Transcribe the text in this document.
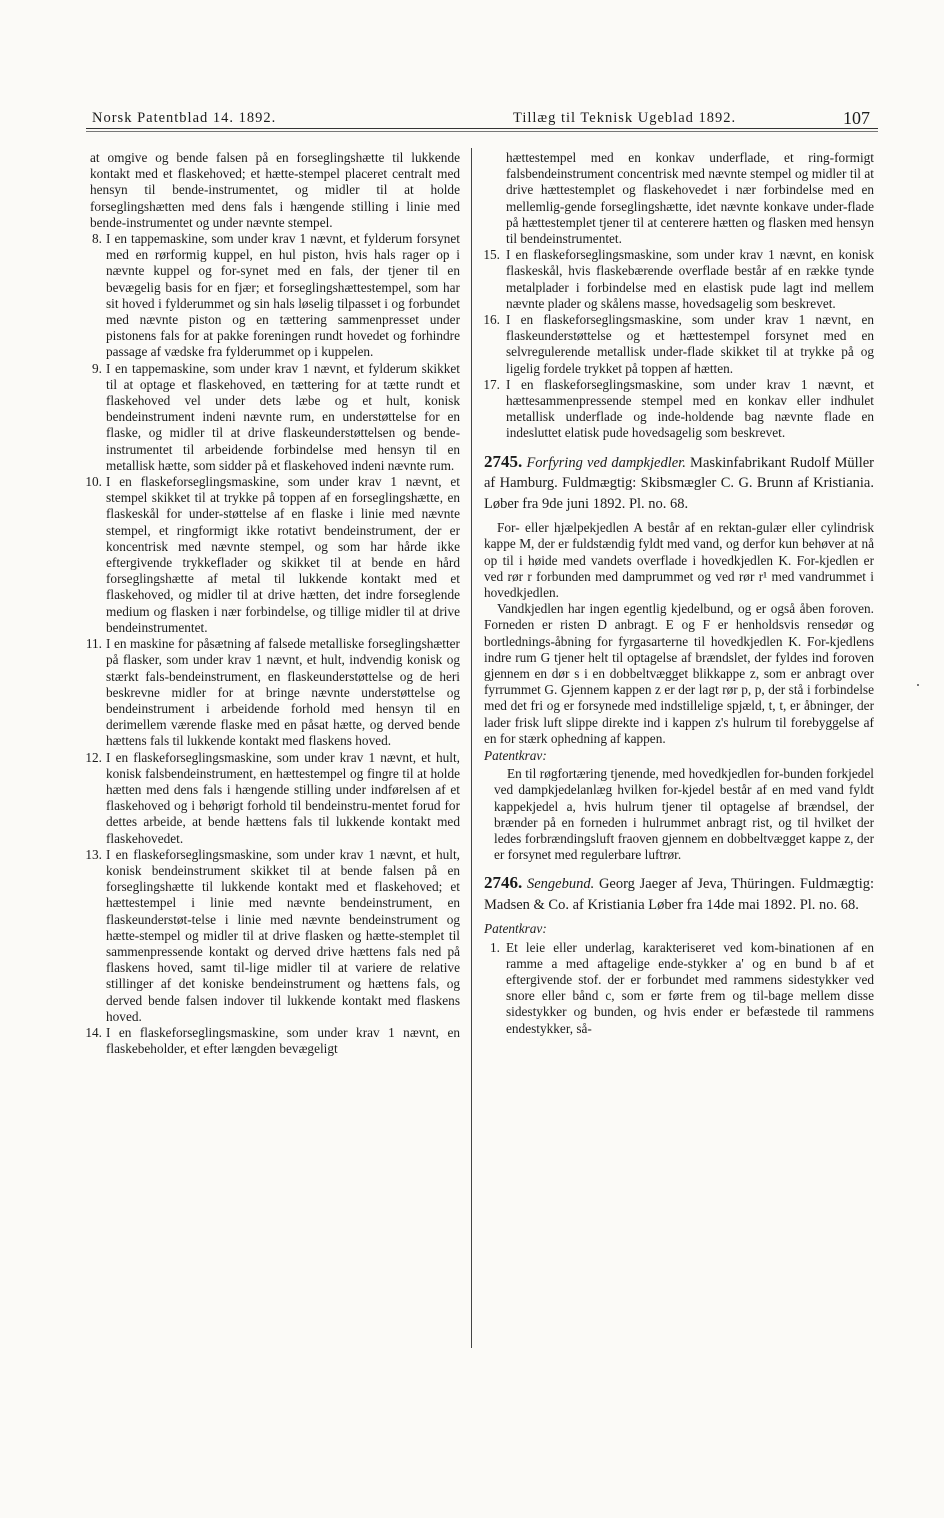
Norsk Patentblad 14. 1892.	Tillæg til Teknisk Ugeblad 1892.	107

at omgive og bende falsen på en forseglingshætte til lukkende kontakt med et flaskehoved; et hætte-stempel placeret centralt med hensyn til bende-instrumentet, og midler til at holde forseglingshætten med dens fals i hængende stilling i linie med bende-instrumentet og under nævnte stempel.

8. I en tappemaskine, som under krav 1 nævnt, et fylderum forsynet med en rørformig kuppel, en hul piston, hvis hals rager op i nævnte kuppel og for-synet med en fals, der tjener til en bevægelig basis for en fjær; et forseglingshættestempel, som har sit hoved i fylderummet og sin hals løselig tilpasset i og forbundet med nævnte piston og en tættering sammenpresset under pistonens fals for at pakke foreningen rundt hovedet og forhindre passage af vædske fra fylderummet op i kuppelen.
9. I en tappemaskine, som under krav 1 nævnt, et fylderum skikket til at optage et flaskehoved, en tættering for at tætte rundt et flaskehoved vel under dets læbe og et hult, konisk bendeinstrument indeni nævnte rum, en understøttelse for en flaske, og midler til at drive flaskeunderstøttelsen og bende-instrumentet til arbeidende forbindelse med hensyn til en metallisk hætte, som sidder på et flaskehoved indeni nævnte rum.
10. I en flaskeforseglingsmaskine, som under krav 1 nævnt, et stempel skikket til at trykke på toppen af en forseglingshætte, en flaskeskål for under-støttelse af en flaske i linie med nævnte stempel, et ringformigt ikke rotativt bendeinstrument, der er koncentrisk med nævnte stempel, og som har hårde ikke eftergivende trykkeflader og skikket til at bende en hård forseglingshætte af metal til lukkende kontakt med et flaskehoved, og midler til at drive hætten, det indre forseglende medium og flasken i nær forbindelse, og tillige midler til at drive bendeinstrumentet.
11. I en maskine for påsætning af falsede metalliske forseglingshætter på flasker, som under krav 1 nævnt, et hult, indvendig konisk og stærkt fals-bendeinstrument, en flaskeunderstøttelse og de heri beskrevne midler for at bringe nævnte understøttelse og bendeinstrument i arbeidende forhold med hensyn til en derimellem værende flaske med en påsat hætte, og derved bende hættens fals til lukkende kontakt med flaskens hoved.
12. I en flaskeforseglingsmaskine, som under krav 1 nævnt, et hult, konisk falsbendeinstrument, en hættestempel og fingre til at holde hætten med dens fals i hængende stilling under indførelsen af et flaskehoved og i behørigt forhold til bendeinstru-mentet forud for dettes arbeide, at bende hættens fals til lukkende kontakt med flaskehovedet.
13. I en flaskeforseglingsmaskine, som under krav 1 nævnt, et hult, konisk bendeinstrument skikket til at bende falsen på en forseglingshætte til lukkende kontakt med et flaskehoved; et hættestempel i linie med nævnte bendeinstrument, en flaskeunderstøt-telse i linie med nævnte bendeinstrument og hætte-stempel og midler til at drive flasken og hætte-stemplet til sammenpressende kontakt og derved drive hættens fals ned på flaskens hoved, samt til-lige midler til at variere de relative stillinger af det koniske bendeinstrument og hættens fals, og derved bende falsen indover til lukkende kontakt med flaskens hoved.
14. I en flaskeforseglingsmaskine, som under krav 1 nævnt, en flaskebeholder, et efter længden bevægeligt

hættestempel med en konkav underflade, et ring-formigt falsbendeinstrument concentrisk med nævnte stempel og midler til at drive hættestemplet og flaskehovedet i nær forbindelse med en mellemlig-gende forseglingshætte, idet nævnte konkave under-flade på hættestemplet tjener til at centerere hætten og flasken med hensyn til bendeinstrumentet.

15. I en flaskeforseglingsmaskine, som under krav 1 nævnt, en konisk flaskeskål, hvis flaskebærende overflade består af en række tynde metalplader i forbindelse med en elastisk pude lagt ind mellem nævnte plader og skålens masse, hovedsagelig som beskrevet.
16. I en flaskeforseglingsmaskine, som under krav 1 nævnt, en flaskeunderstøttelse og et hættestempel forsynet med en selvregulerende metallisk under-flade skikket til at trykke på og ligelig fordele trykket på toppen af hætten.
17. I en flaskeforseglingsmaskine, som under krav 1 nævnt, et hættesammenpressende stempel med en konkav eller indhulet metallisk underflade og inde-holdende bag nævnte flade en indesluttet elatisk pude hovedsagelig som beskrevet.

2745. Forfyring ved dampkjedler. Maskinfabrikant Rudolf Müller af Hamburg. Fuldmægtig: Skibsmægler C. G. Brunn af Kristiania. Løber fra 9de juni 1892. Pl. no. 68.

For- eller hjælpekjedlen A består af en rektan-gulær eller cylindrisk kappe M, der er fuldstændig fyldt med vand, og derfor kun behøver at nå op til i høide med vandets overflade i hovedkjedlen K. For-kjedlen er ved rør r forbunden med damprummet og ved rør r¹ med vandrummet i hovedkjedlen.

Vandkjedlen har ingen egentlig kjedelbund, og er også åben foroven. Forneden er risten D anbragt. E og F er henholdsvis rensedør og bortlednings-åbning for fyrgasarterne til hovedkjedlen K. For-kjedlens indre rum G tjener helt til optagelse af brændslet, der fyldes ind foroven gjennem en dør s i en dobbeltvægget blikkappe z, som er anbragt over fyrrummet G. Gjennem kappen z er der lagt rør p, p, der stå i forbindelse med det fri og er forsynede med indstillelige spjæld, t, t, er åbninger, der lader frisk luft slippe direkte ind i kappen z's hulrum til forebyggelse af en for stærk ophedning af kappen.

Patentkrav:

En til røgfortæring tjenende, med hovedkjedlen for-bunden forkjedel ved dampkjedelanlæg hvilken for-kjedel består af en med vand fyldt kappekjedel a, hvis hulrum tjener til optagelse af brændsel, der brænder på en forneden i hulrummet anbragt rist, og til hvilket der ledes forbrændingsluft fraoven gjennem en dobbeltvægget kappe z, der er forsynet med regulerbare luftrør.

2746. Sengebund. Georg Jaeger af Jeva, Thüringen. Fuldmægtig: Madsen & Co. af Kristiania Løber fra 14de mai 1892. Pl. no. 68.

Patentkrav:

1. Et leie eller underlag, karakteriseret ved kom-binationen af en ramme a med aftagelige ende-stykker a' og en bund b af et eftergivende stof. der er forbundet med rammens sidestykker ved snore eller bånd c, som er førte frem og til-bage mellem disse sidestykker og bunden, og hvis ender er befæstede til rammens endestykker, så-
